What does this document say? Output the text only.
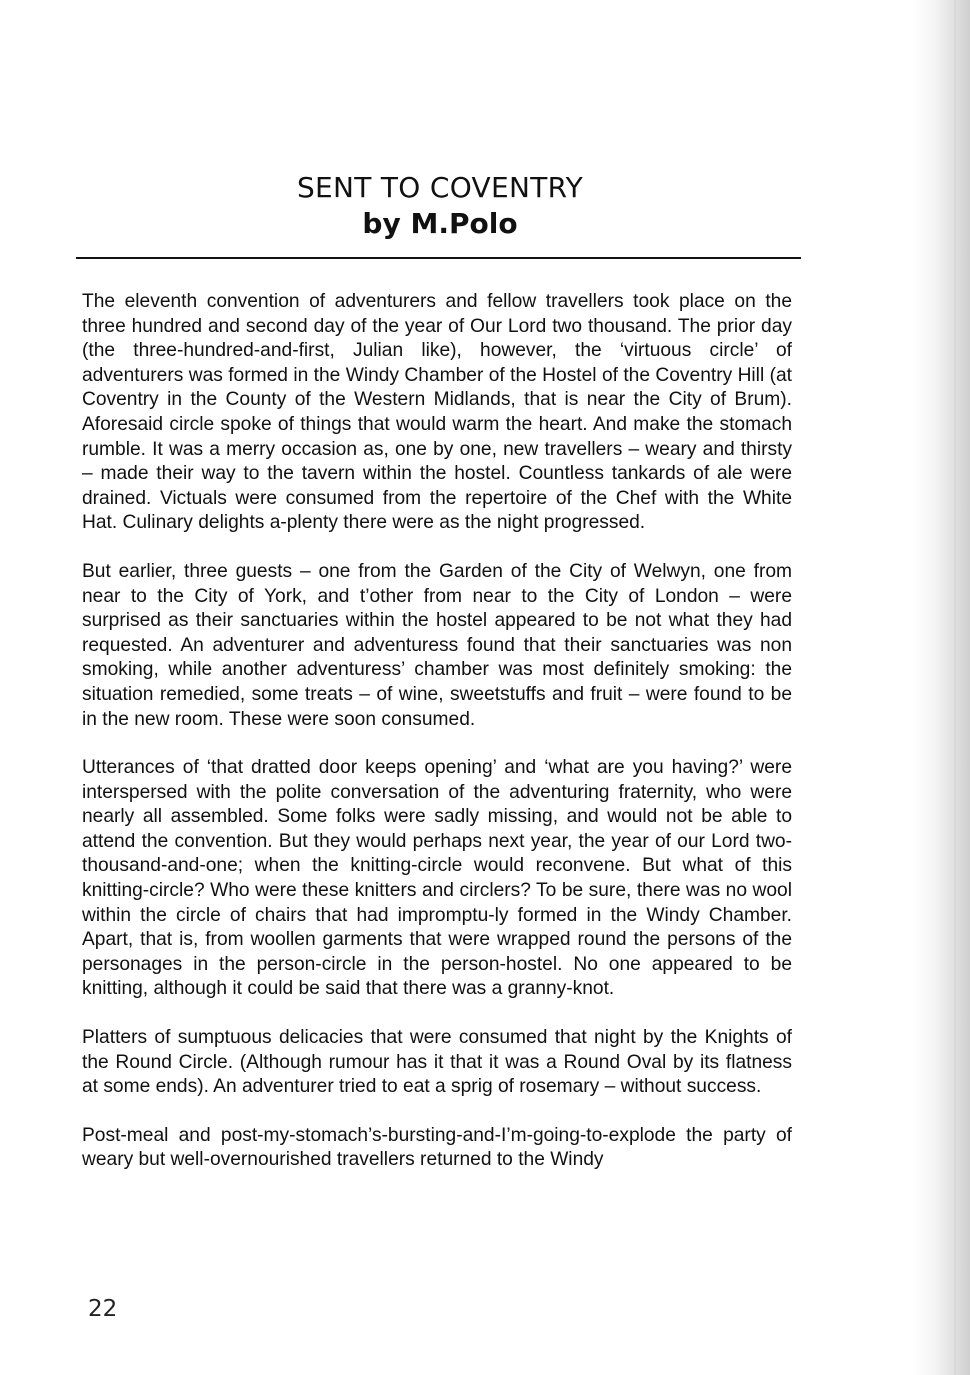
SENT TO COVENTRY
by M.Polo

The eleventh convention of adventurers and fellow travellers took place on the three hundred and second day of the year of Our Lord two thousand. The prior day (the three-hundred-and-first, Julian like), however, the ‘virtuous circle’ of adventurers was formed in the Windy Chamber of the Hostel of the Coventry Hill (at Coventry in the County of the Western Midlands, that is near the City of Brum). Aforesaid circle spoke of things that would warm the heart. And make the stomach rumble. It was a merry occasion as, one by one, new travellers – weary and thirsty – made their way to the tavern within the hostel. Countless tankards of ale were drained. Victuals were consumed from the repertoire of the Chef with the White Hat. Culinary delights a-plenty there were as the night progressed.

But earlier, three guests – one from the Garden of the City of Welwyn, one from near to the City of York, and t’other from near to the City of London – were surprised as their sanctuaries within the hostel appeared to be not what they had requested. An adventurer and adventuress found that their sanctuaries was non smoking, while another adventuress’ chamber was most definitely smoking: the situation remedied, some treats – of wine, sweetstuffs and fruit – were found to be in the new room. These were soon consumed.

Utterances of ‘that dratted door keeps opening’ and ‘what are you having?’ were interspersed with the polite conversation of the adventuring fraternity, who were nearly all assembled. Some folks were sadly missing, and would not be able to attend the convention. But they would perhaps next year, the year of our Lord two-thousand-and-one; when the knitting-circle would reconvene. But what of this knitting-circle? Who were these knitters and circlers? To be sure, there was no wool within the circle of chairs that had impromptu-ly formed in the Windy Chamber. Apart, that is, from woollen garments that were wrapped round the persons of the personages in the person-circle in the person-hostel. No one appeared to be knitting, although it could be said that there was a granny-knot.

Platters of sumptuous delicacies that were consumed that night by the Knights of the Round Circle. (Although rumour has it that it was a Round Oval by its flatness at some ends). An adventurer tried to eat a sprig of rosemary – without success.

Post-meal and post-my-stomach’s-bursting-and-I’m-going-to-explode the party of weary but well-overnourished travellers returned to the Windy

22
